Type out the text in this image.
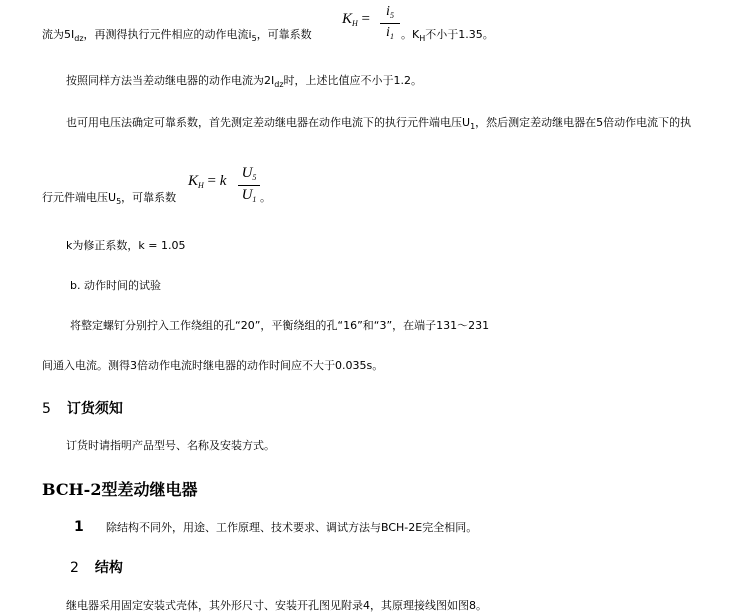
流为$5I_{dz}$，再测得执行元件相应的动作电流$i_5$，可靠系数
$K_H$ =	$i_5$
$i_1$ 。$K_H$不小于1.35。
按照同样方法当差动继电器的动作电流为$2I_{dz}$时，上述比值应不小于1.2。
也可用电压法确定可靠系数，首先测定差动继电器在动作电流下的执行元件端电压$U_1$，然后测定差动继电器在5倍动作电流下的执
行元件端电压$U_5$，可靠系数
$K_H = k$ $U_5$
$U_1$ 。
k为修正系数，k = 1.05
b. 动作时间的试验
将整定螺钉分别拧入工作绕组的孔“20”，平衡绕组的孔“16”和“3”，在端子131～231
间通入电流。测得3倍动作电流时继电器的动作时间应不大于0.035s。
5 订货须知
订货时请指明产品型号、名称及安装方式。
BCH-2型差动继电器
1 除结构不同外，用途、工作原理、技术要求、调试方法与BCH-2E完全相同。
2 结构
继电器采用固定安装式壳体，其外形尺寸、安装开孔图见附录4，其原理接线图如图8。
